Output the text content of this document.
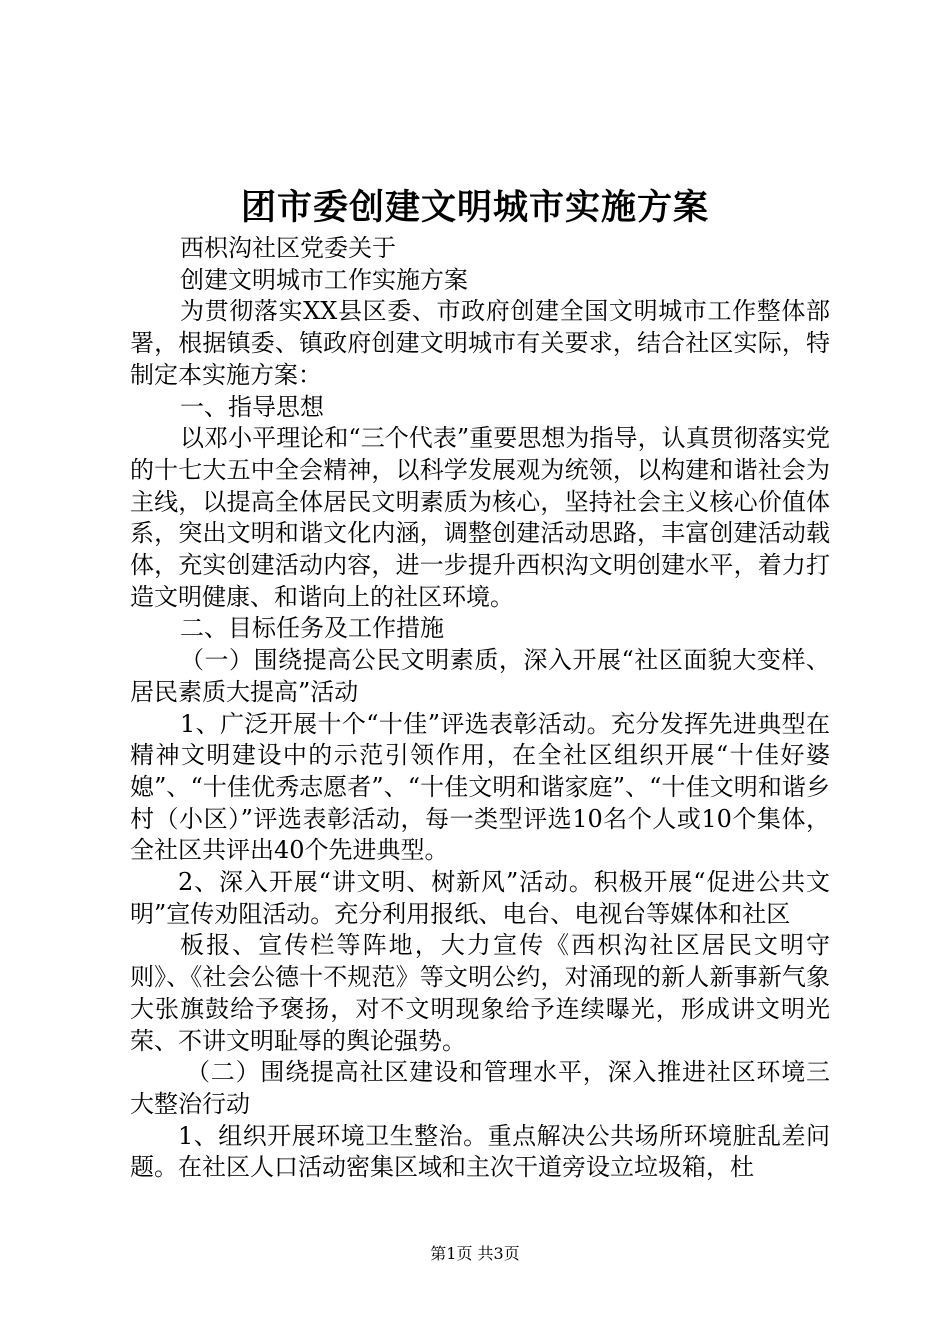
团市委创建文明城市实施方案

西枳沟社区党委关于

创建文明城市工作实施方案

为贯彻落实XX县区委、市政府创建全国文明城市工作整体部署，根据镇委、镇政府创建文明城市有关要求，结合社区实际，特制定本实施方案：

一、指导思想

以邓小平理论和“三个代表”重要思想为指导，认真贯彻落实党的十七大五中全会精神，以科学发展观为统领，以构建和谐社会为主线，以提高全体居民文明素质为核心，坚持社会主义核心价值体系，突出文明和谐文化内涵，调整创建活动思路，丰富创建活动载体，充实创建活动内容，进一步提升西枳沟文明创建水平，着力打造文明健康、和谐向上的社区环境。

二、目标任务及工作措施

（一）围绕提高公民文明素质，深入开展“社区面貌大变样、居民素质大提高”活动

1、广泛开展十个“十佳”评选表彰活动。充分发挥先进典型在精神文明建设中的示范引领作用，在全社区组织开展“十佳好婆媳”、“十佳优秀志愿者”、“十佳文明和谐家庭”、“十佳文明和谐乡村（小区）”评选表彰活动，每一类型评选10名个人或10个集体，全社区共评出40个先进典型。

2、深入开展“讲文明、树新风”活动。积极开展“促进公共文明”宣传劝阻活动。充分利用报纸、电台、电视台等媒体和社区

板报、宣传栏等阵地，大力宣传《西枳沟社区居民文明守则》、《社会公德十不规范》等文明公约，对涌现的新人新事新气象大张旗鼓给予褒扬，对不文明现象给予连续曝光，形成讲文明光荣、不讲文明耻辱的舆论强势。

（二）围绕提高社区建设和管理水平，深入推进社区环境三大整治行动

1、组织开展环境卫生整治。重点解决公共场所环境脏乱差问题。在社区人口活动密集区域和主次干道旁设立垃圾箱，杜

第1页 共3页
